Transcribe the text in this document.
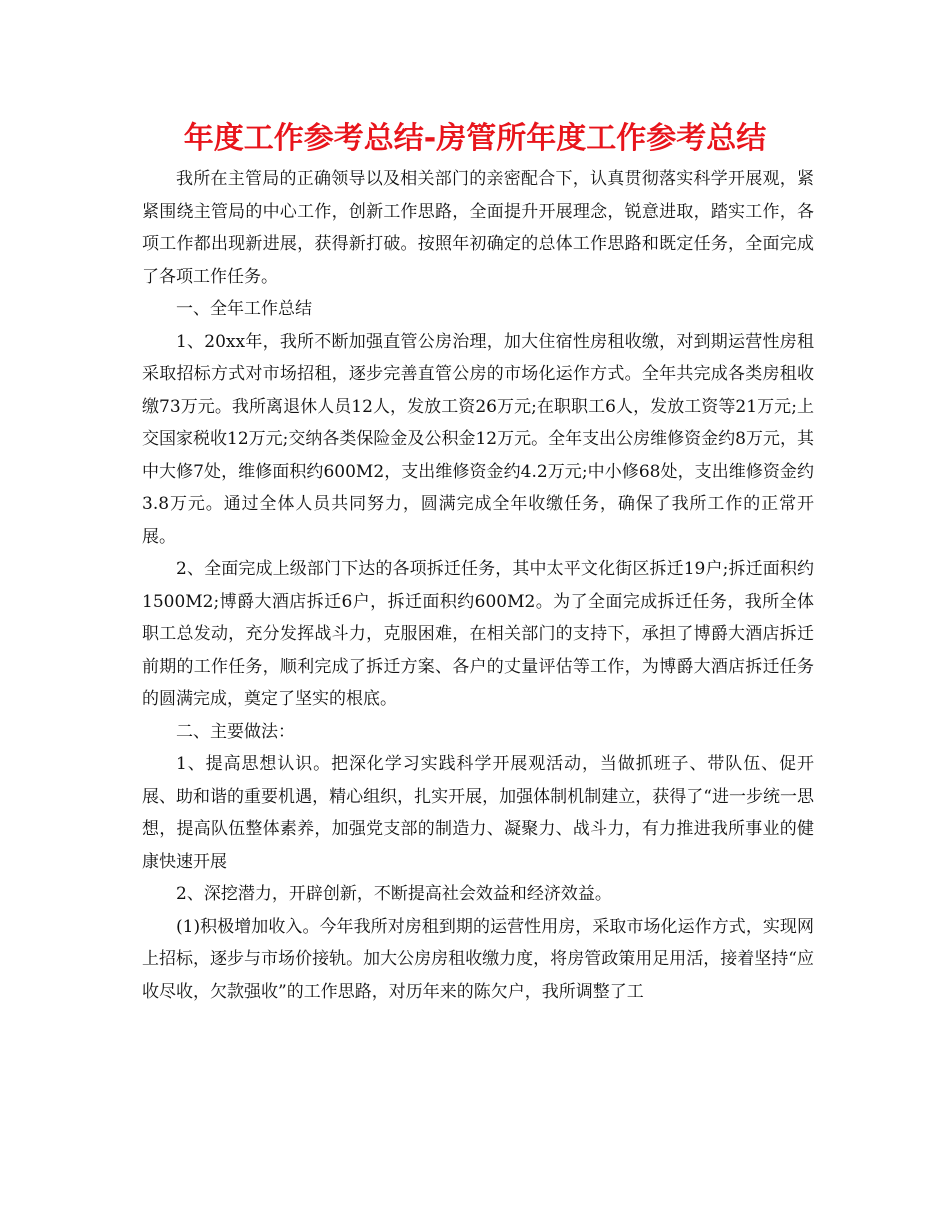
年度工作参考总结-房管所年度工作参考总结

我所在主管局的正确领导以及相关部门的亲密配合下，认真贯彻落实科学开展观，紧紧围绕主管局的中心工作，创新工作思路，全面提升开展理念，锐意进取，踏实工作，各项工作都出现新进展，获得新打破。按照年初确定的总体工作思路和既定任务，全面完成了各项工作任务。

一、全年工作总结

1、20xx年，我所不断加强直管公房治理，加大住宿性房租收缴，对到期运营性房租采取招标方式对市场招租，逐步完善直管公房的市场化运作方式。全年共完成各类房租收缴73万元。我所离退休人员12人，发放工资26万元;在职职工6人，发放工资等21万元;上交国家税收12万元;交纳各类保险金及公积金12万元。全年支出公房维修资金约8万元，其中大修7处，维修面积约600M2，支出维修资金约4.2万元;中小修68处，支出维修资金约3.8万元。通过全体人员共同努力，圆满完成全年收缴任务，确保了我所工作的正常开展。

2、全面完成上级部门下达的各项拆迁任务，其中太平文化街区拆迁19户;拆迁面积约1500M2;博爵大酒店拆迁6户，拆迁面积约600M2。为了全面完成拆迁任务，我所全体职工总发动，充分发挥战斗力，克服困难，在相关部门的支持下，承担了博爵大酒店拆迁前期的工作任务，顺利完成了拆迁方案、各户的丈量评估等工作，为博爵大酒店拆迁任务的圆满完成，奠定了坚实的根底。

二、主要做法：

1、提高思想认识。把深化学习实践科学开展观活动，当做抓班子、带队伍、促开展、助和谐的重要机遇，精心组织，扎实开展，加强体制机制建立，获得了“进一步统一思想，提高队伍整体素养，加强党支部的制造力、凝聚力、战斗力，有力推进我所事业的健康快速开展

2、深挖潜力，开辟创新，不断提高社会效益和经济效益。

(1)积极增加收入。今年我所对房租到期的运营性用房，采取市场化运作方式，实现网上招标，逐步与市场价接轨。加大公房房租收缴力度，将房管政策用足用活，接着坚持“应收尽收，欠款强收”的工作思路，对历年来的陈欠户，我所调整了工
